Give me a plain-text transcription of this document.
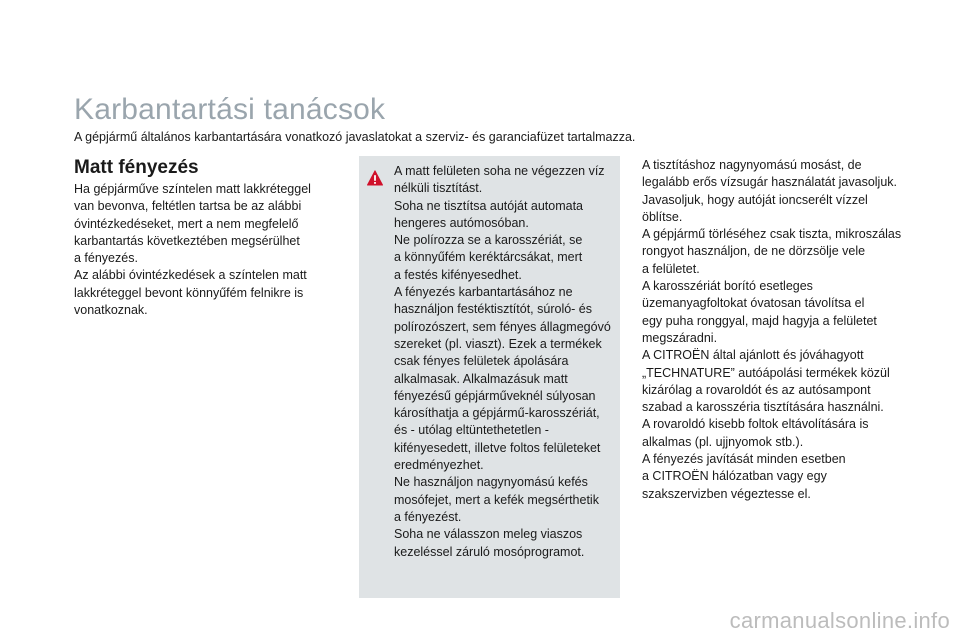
Karbantartási tanácsok

A gépjármű általános karbantartására vonatkozó javaslatokat a szerviz- és garanciafüzet tartalmazza.

Matt fényezés

Ha gépjárműve színtelen matt lakkréteggel

van bevonva, feltétlen tartsa be az alábbi

óvintézkedéseket, mert a nem megfelelő

karbantartás következtében megsérülhet

a fényezés.

Az alábbi óvintézkedések a színtelen matt

lakkréteggel bevont könnyűfém felnikre is

vonatkoznak.

A matt felületen soha ne végezzen víz

nélküli tisztítást.

Soha ne tisztítsa autóját automata

hengeres autómosóban.

Ne polírozza se a karosszériát, se

a könnyűfém keréktárcsákat, mert

a festés kifényesedhet.

A fényezés karbantartásához ne

használjon festéktisztítót, súroló- és

polírozószert, sem fényes állagmegóvó

szereket (pl. viaszt). Ezek a termékek

csak fényes felületek ápolására

alkalmasak. Alkalmazásuk matt

fényezésű gépjárműveknél súlyosan

károsíthatja a gépjármű-karosszériát,

és - utólag eltüntethetetlen -

kifényesedett, illetve foltos felületeket

eredményezhet.

Ne használjon nagynyomású kefés

mosófejet, mert a kefék megsérthetik

a fényezést.

Soha ne válasszon meleg viaszos

kezeléssel záruló mosóprogramot.

A tisztításhoz nagynyomású mosást, de

legalább erős vízsugár használatát javasoljuk.

Javasoljuk, hogy autóját ioncserélt vízzel

öblítse.

A gépjármű törléséhez csak tiszta, mikroszálas

rongyot használjon, de ne dörzsölje vele

a felületet.

A karosszériát borító esetleges

üzemanyagfoltokat óvatosan távolítsa el

egy puha ronggyal, majd hagyja a felületet

megszáradni.

A CITROËN által ajánlott és jóváhagyott

„TECHNATURE” autóápolási termékek közül

kizárólag a rovaroldót és az autósampont

szabad a karosszéria tisztítására használni.

A rovaroldó kisebb foltok eltávolítására is

alkalmas (pl. ujjnyomok stb.).

A fényezés javítását minden esetben

a CITROËN hálózatban vagy egy

szakszervizben végeztesse el.

carmanualsonline.info
